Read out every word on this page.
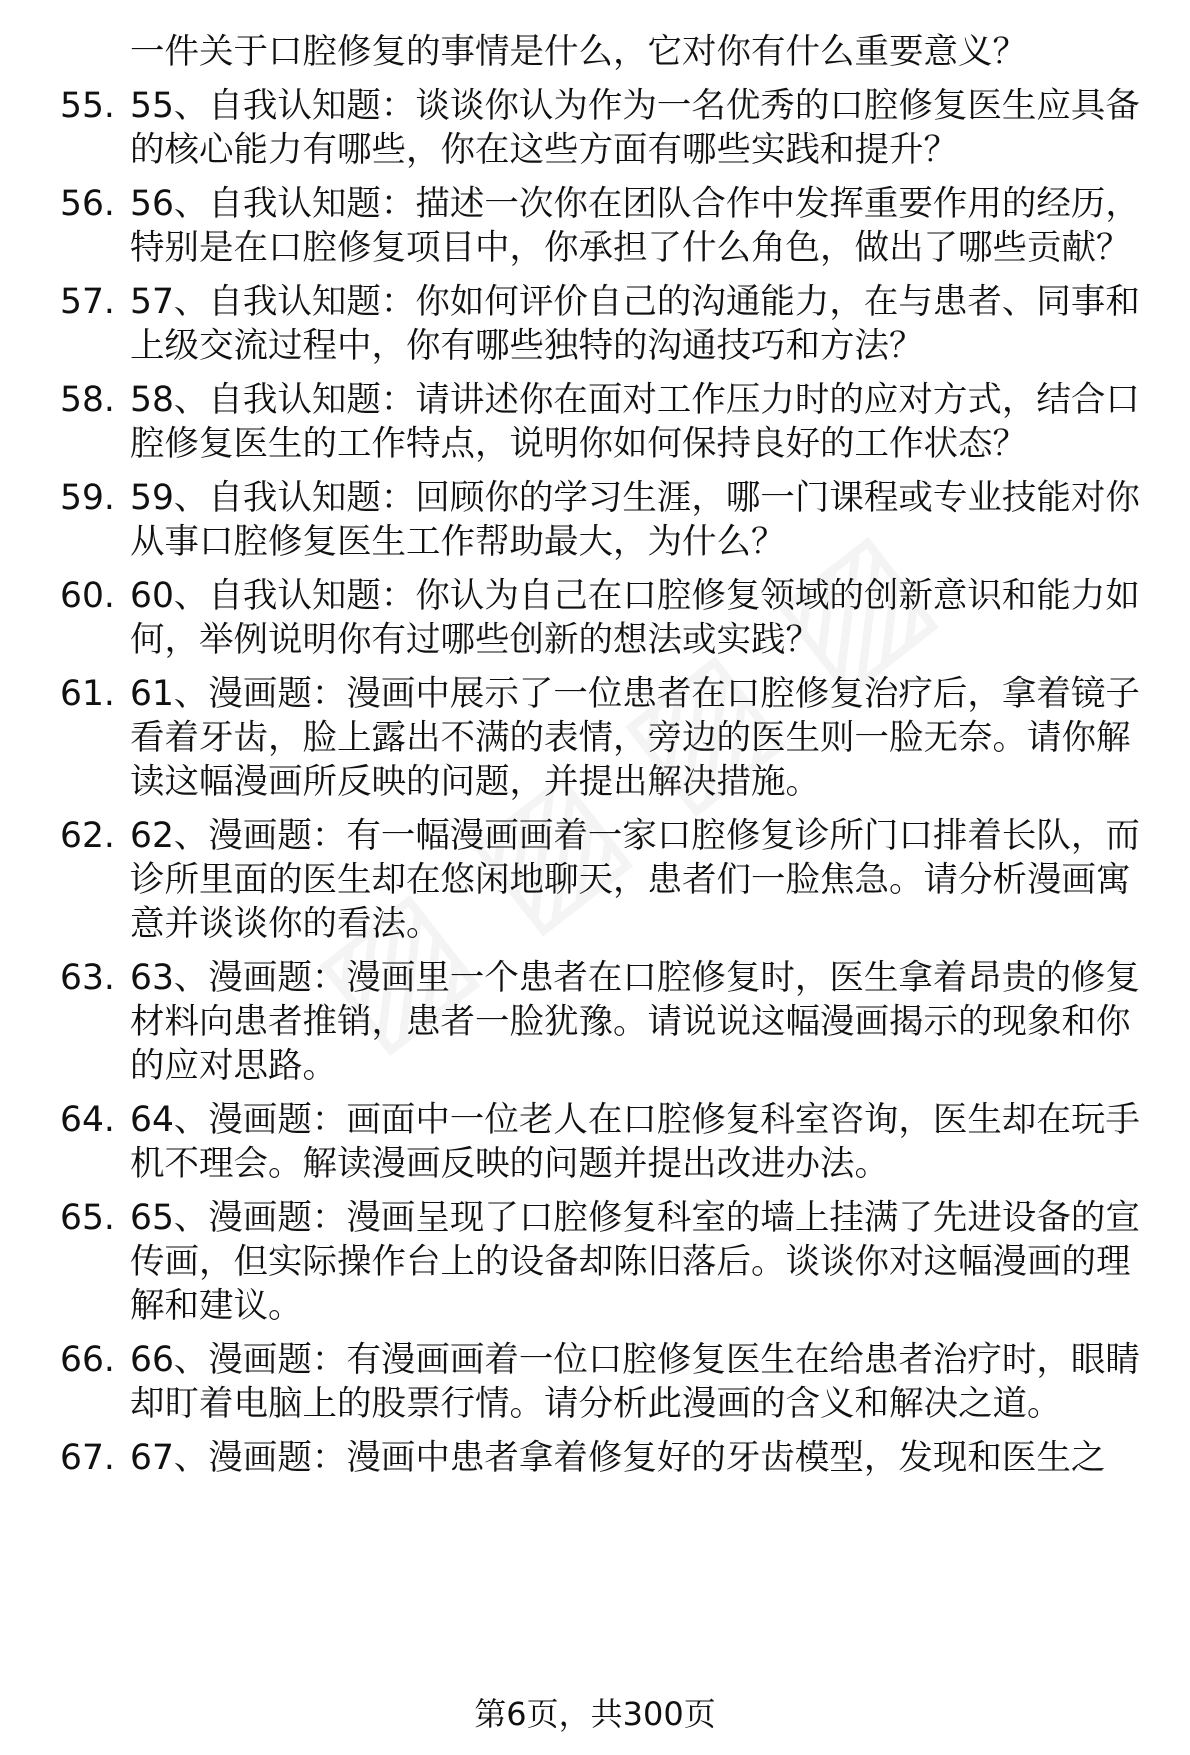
一件关于口腔修复的事情是什么，它对你有什么重要意义？
55. 55、自我认知题：谈谈你认为作为一名优秀的口腔修复医生应具备的核心能力有哪些，你在这些方面有哪些实践和提升？
56. 56、自我认知题：描述一次你在团队合作中发挥重要作用的经历，特别是在口腔修复项目中，你承担了什么角色，做出了哪些贡献？
57. 57、自我认知题：你如何评价自己的沟通能力，在与患者、同事和上级交流过程中，你有哪些独特的沟通技巧和方法？
58. 58、自我认知题：请讲述你在面对工作压力时的应对方式，结合口腔修复医生的工作特点，说明你如何保持良好的工作状态？
59. 59、自我认知题：回顾你的学习生涯，哪一门课程或专业技能对你从事口腔修复医生工作帮助最大，为什么？
60. 60、自我认知题：你认为自己在口腔修复领域的创新意识和能力如何，举例说明你有过哪些创新的想法或实践？
61. 61、漫画题：漫画中展示了一位患者在口腔修复治疗后，拿着镜子看着牙齿，脸上露出不满的表情，旁边的医生则一脸无奈。请你解读这幅漫画所反映的问题，并提出解决措施。
62. 62、漫画题：有一幅漫画画着一家口腔修复诊所门口排着长队，而诊所里面的医生却在悠闲地聊天，患者们一脸焦急。请分析漫画寓意并谈谈你的看法。
63. 63、漫画题：漫画里一个患者在口腔修复时，医生拿着昂贵的修复材料向患者推销，患者一脸犹豫。请说说这幅漫画揭示的现象和你的应对思路。
64. 64、漫画题：画面中一位老人在口腔修复科室咨询，医生却在玩手机不理会。解读漫画反映的问题并提出改进办法。
65. 65、漫画题：漫画呈现了口腔修复科室的墙上挂满了先进设备的宣传画，但实际操作台上的设备却陈旧落后。谈谈你对这幅漫画的理解和建议。
66. 66、漫画题：有漫画画着一位口腔修复医生在给患者治疗时，眼睛却盯着电脑上的股票行情。请分析此漫画的含义和解决之道。
67. 67、漫画题：漫画中患者拿着修复好的牙齿模型，发现和医生之
第6页，共300页
